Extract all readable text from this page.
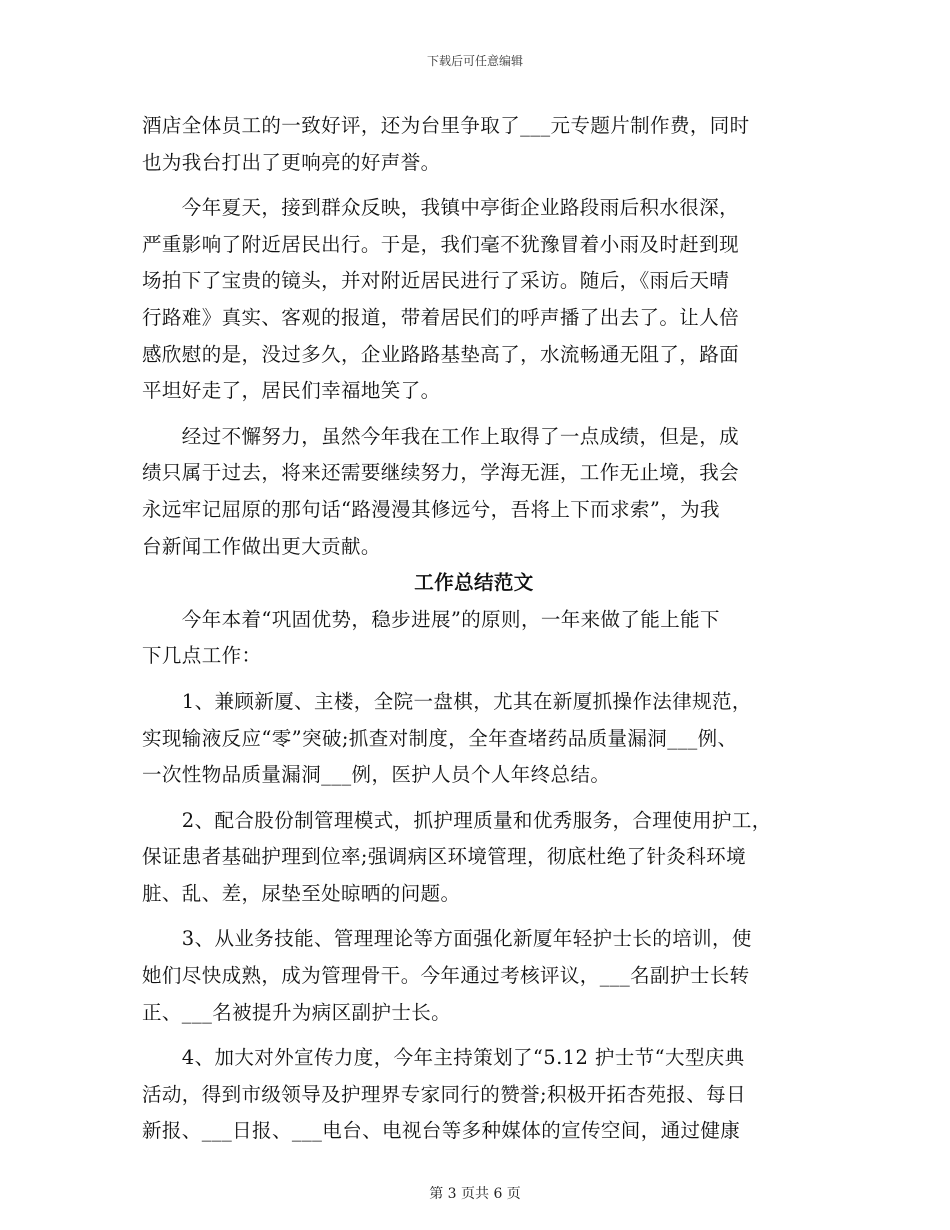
下载后可任意编辑
酒店全体员工的一致好评，还为台里争取了___元专题片制作费，同时
也为我台打出了更响亮的好声誉。
　　今年夏天，接到群众反映，我镇中亭街企业路段雨后积水很深，
严重影响了附近居民出行。于是，我们毫不犹豫冒着小雨及时赶到现
场拍下了宝贵的镜头，并对附近居民进行了采访。随后，《雨后天晴
行路难》真实、客观的报道，带着居民们的呼声播了出去了。让人倍
感欣慰的是，没过多久，企业路路基垫高了，水流畅通无阻了，路面
平坦好走了，居民们幸福地笑了。
　　经过不懈努力，虽然今年我在工作上取得了一点成绩，但是，成
绩只属于过去，将来还需要继续努力，学海无涯，工作无止境，我会
永远牢记屈原的那句话“路漫漫其修远兮，吾将上下而求索”，为我
台新闻工作做出更大贡献。
工作总结范文
　　今年本着“巩固优势，稳步进展”的原则，一年来做了能上能下
下几点工作：
　　1、兼顾新厦、主楼，全院一盘棋，尤其在新厦抓操作法律规范，
实现输液反应“零”突破;抓查对制度，全年查堵药品质量漏洞___例、
一次性物品质量漏洞___例，医护人员个人年终总结。
　　2、配合股份制管理模式，抓护理质量和优秀服务，合理使用护工，
保证患者基础护理到位率;强调病区环境管理，彻底杜绝了针灸科环境
脏、乱、差，尿垫至处晾晒的问题。
　　3、从业务技能、管理理论等方面强化新厦年轻护士长的培训，使
她们尽快成熟，成为管理骨干。今年通过考核评议，___名副护士长转
正、___名被提升为病区副护士长。
　　4、加大对外宣传力度，今年主持策划了“5.12 护士节“大型庆典
活动，得到市级领导及护理界专家同行的赞誉;积极开拓杏苑报、每日
新报、___日报、___电台、电视台等多种媒体的宣传空间，通过健康
第 3 页共 6 页
